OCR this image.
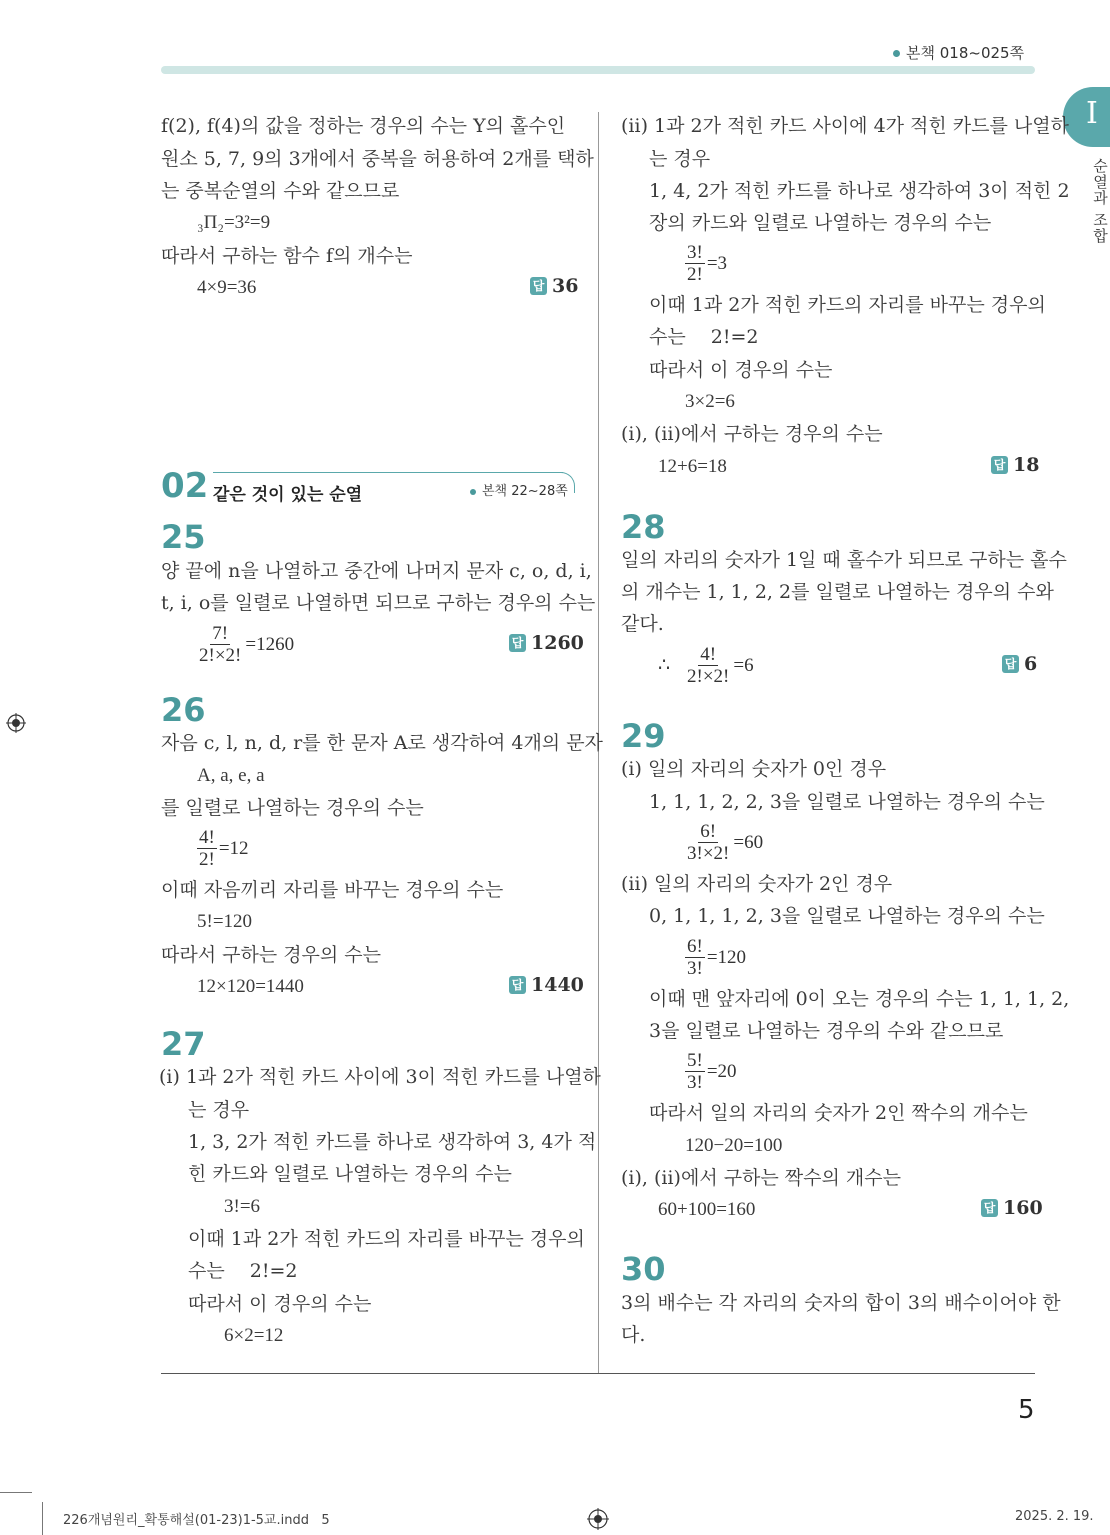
본책 018~025쪽
I
순열과 조합
f(2), f(4)의 값을 정하는 경우의 수는 Y의 홀수인
원소 5, 7, 9의 3개에서 중복을 허용하여 2개를 택하
는 중복순열의 수와 같으므로
₃Π₂=3²=9
따라서 구하는 함수 f의 개수는
4×9=36	답 36
02 같은 것이 있는 순열	본책 22~28쪽
25
양 끝에 n을 나열하고 중간에 나머지 문자 c, o, d, i,
t, i, o를 일렬로 나열하면 되므로 구하는 경우의 수는
$\frac{7!}{2!\times 2!} =1260$	답 1260
26
자음 c, l, n, d, r를 한 문자 A로 생각하여 4개의 문자
A, a, e, a
를 일렬로 나열하는 경우의 수는
$\frac{4!}{2!} =12$
이때 자음끼리 자리를 바꾸는 경우의 수는
5!=120
따라서 구하는 경우의 수는
12×120=1440	답 1440
27
(ⅰ) 1과 2가 적힌 카드 사이에 3이 적힌 카드를 나열하
는 경우
1, 3, 2가 적힌 카드를 하나로 생각하여 3, 4가 적
힌 카드와 일렬로 나열하는 경우의 수는
3!=6
이때 1과 2가 적힌 카드의 자리를 바꾸는 경우의
수는 　2!=2
따라서 이 경우의 수는
6×2=12
(ⅱ) 1과 2가 적힌 카드 사이에 4가 적힌 카드를 나열하
는 경우
1, 4, 2가 적힌 카드를 하나로 생각하여 3이 적힌 2
장의 카드와 일렬로 나열하는 경우의 수는
$\frac{3!}{2!} =3$
이때 1과 2가 적힌 카드의 자리를 바꾸는 경우의
수는 　2!=2
따라서 이 경우의 수는
3×2=6
(ⅰ), (ⅱ)에서 구하는 경우의 수는
12+6=18	답 18
28
일의 자리의 숫자가 1일 때 홀수가 되므로 구하는 홀수
의 개수는 1, 1, 2, 2를 일렬로 나열하는 경우의 수와
같다.
∴ $\frac{4!}{2!\times 2!} =6$	답 6
29
(ⅰ) 일의 자리의 숫자가 0인 경우
1, 1, 1, 2, 2, 3을 일렬로 나열하는 경우의 수는
$\frac{6!}{3!\times 2!} =60$
(ⅱ) 일의 자리의 숫자가 2인 경우
0, 1, 1, 1, 2, 3을 일렬로 나열하는 경우의 수는
$\frac{6!}{3!} =120$
이때 맨 앞자리에 0이 오는 경우의 수는 1, 1, 1, 2,
3을 일렬로 나열하는 경우의 수와 같으므로
$\frac{5!}{3!} =20$
따라서 일의 자리의 숫자가 2인 짝수의 개수는
120−20=100
(ⅰ), (ⅱ)에서 구하는 짝수의 개수는
60+100=160	답 160
30
3의 배수는 각 자리의 숫자의 합이 3의 배수이어야 한
다.
5
226개념원리_확통해설(01-23)1-5교.indd   5	2025. 2. 19.
